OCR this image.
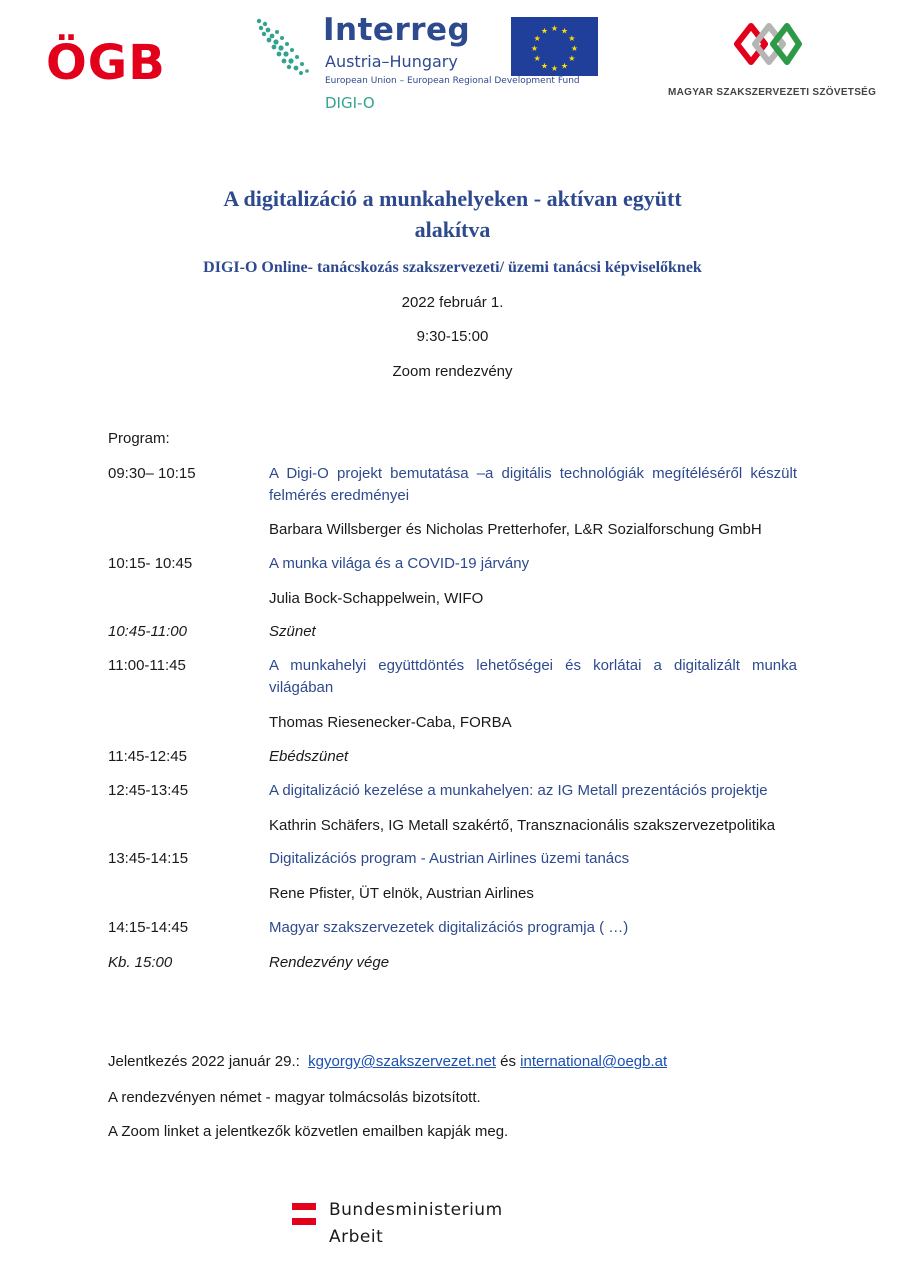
ÖGB
Interreg
Austria–Hungary
European Union – European Regional Development Fund
DIGI-O
★ ★
★
★
★
★
★
★
★
★
★
★
MAGYAR SZAKSZERVEZETI SZÖVETSÉG
A digitalizáció a munkahelyeken - aktívan együtt
alakítva
DIGI-O Online- tanácskozás szakszervezeti/ üzemi tanácsi képviselőknek
2022 február 1.
9:30-15:00
Zoom rendezvény
Program:
09:30– 10:15	A Digi-O projekt bemutatása –a digitális technológiák megítéléséről készült felmérés eredményei
Barbara Willsberger és Nicholas Pretterhofer, L&R Sozialforschung GmbH
10:15- 10:45	A munka világa és a COVID-19 járvány
Julia Bock-Schappelwein, WIFO
10:45-11:00	Szünet
11:00-11:45	A munkahelyi együttdöntés lehetőségei és korlátai a digitalizált munka világában
Thomas Riesenecker-Caba, FORBA
11:45-12:45	Ebédszünet
12:45-13:45	A digitalizáció kezelése a munkahelyen: az IG Metall prezentációs projektje
Kathrin Schäfers, IG Metall szakértő, Transznacionális szakszervezetpolitika
13:45-14:15	Digitalizációs program - Austrian Airlines üzemi tanács
Rene Pfister, ÜT elnök, Austrian Airlines
14:15-14:45	Magyar szakszervezetek digitalizációs programja ( …)
Kb. 15:00	Rendezvény vége
Jelentkezés 2022 január 29.: kgyorgy@szakszervezet.net és international@oegb.at
A rendezvényen német - magyar tolmácsolás bizotsított.
A Zoom linket a jelentkezők közvetlen emailben kapják meg.
Bundesministerium
Arbeit
